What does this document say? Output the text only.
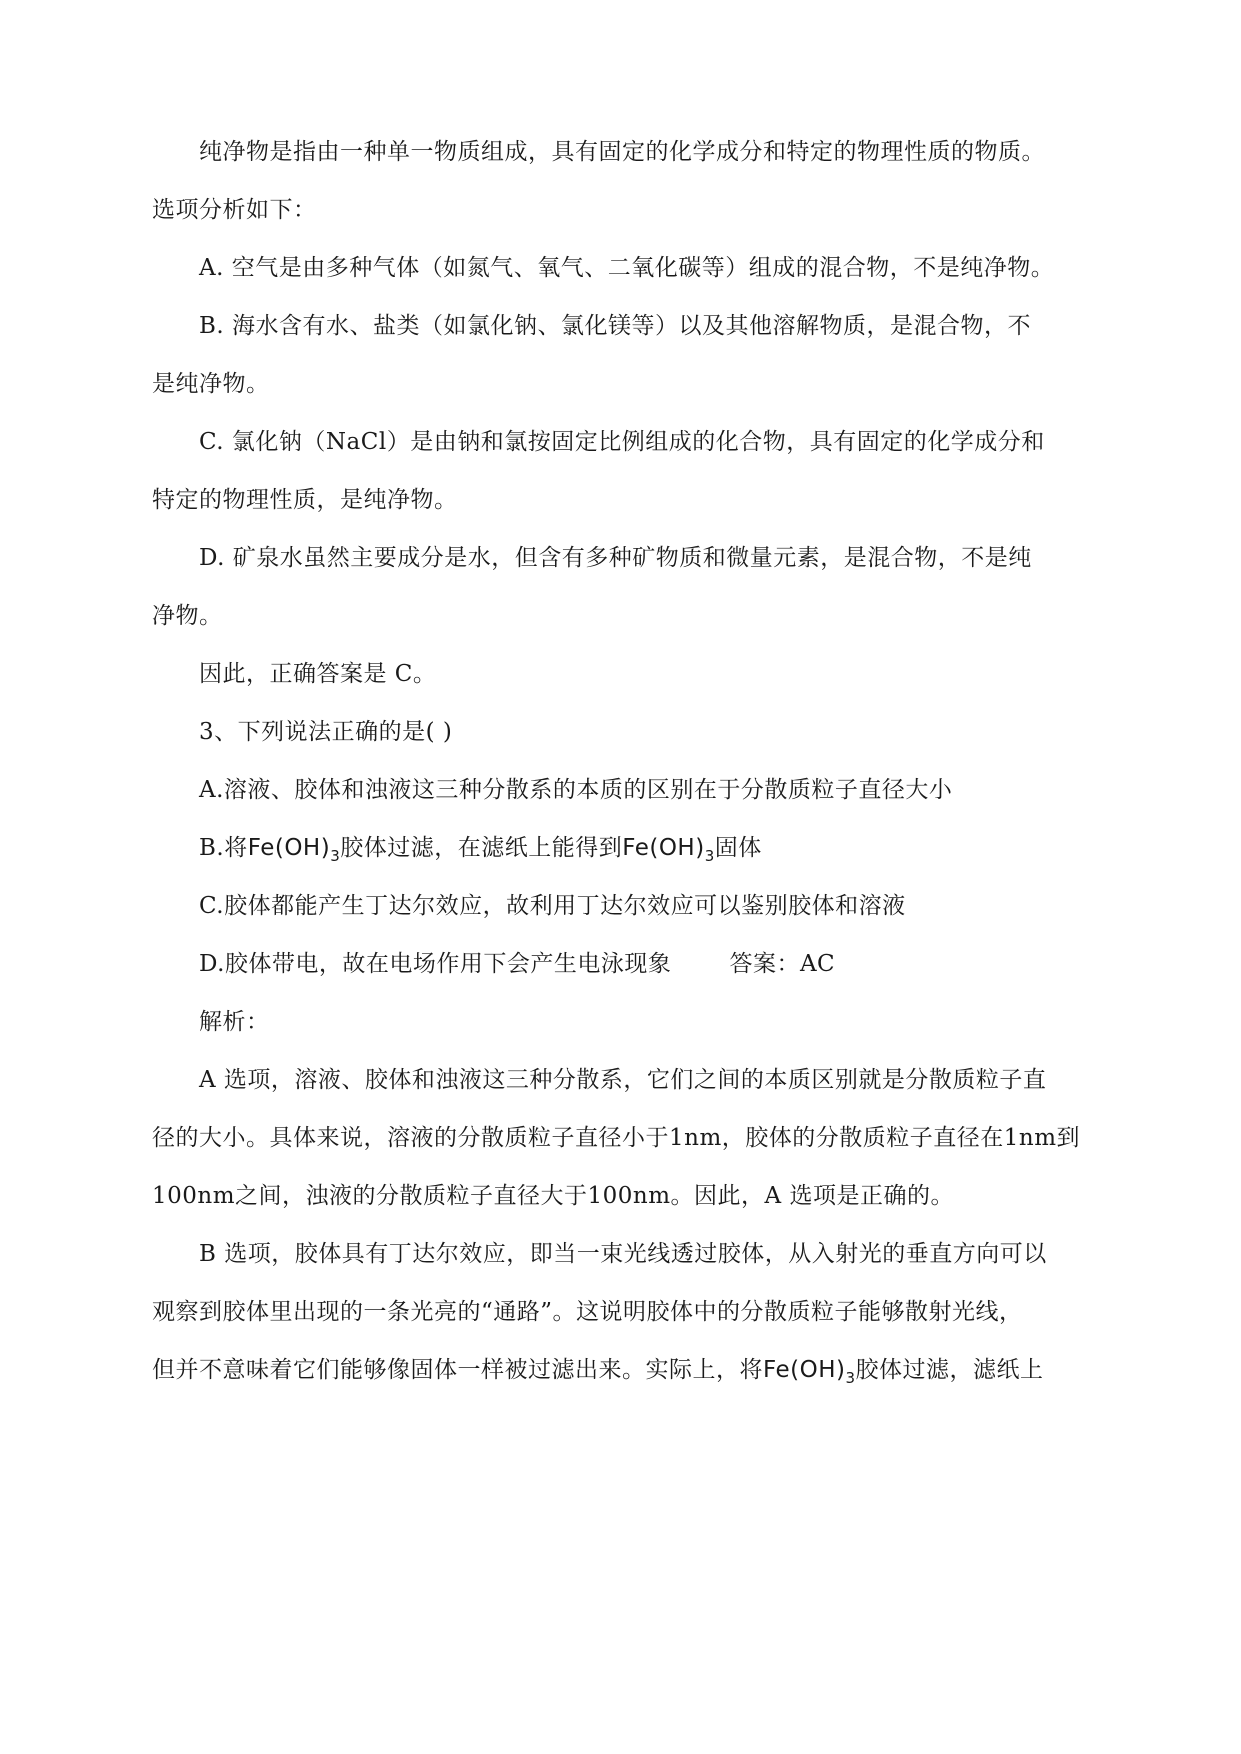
纯净物是指由一种单一物质组成，具有固定的化学成分和特定的物理性质的物质。
选项分析如下：
A. 空气是由多种气体（如氮气、氧气、二氧化碳等）组成的混合物，不是纯净物。
B. 海水含有水、盐类（如氯化钠、氯化镁等）以及其他溶解物质，是混合物，不
是纯净物。
C. 氯化钠（NaCl）是由钠和氯按固定比例组成的化合物，具有固定的化学成分和
特定的物理性质，是纯净物。
D. 矿泉水虽然主要成分是水，但含有多种矿物质和微量元素，是混合物，不是纯
净物。
因此，正确答案是 C。
3、下列说法正确的是( )
A.溶液、胶体和浊液这三种分散系的本质的区别在于分散质粒子直径大小
B.将$Fe(OH)_3$胶体过滤，在滤纸上能得到$Fe(OH)_3$固体
C.胶体都能产生丁达尔效应，故利用丁达尔效应可以鉴别胶体和溶液
D.胶体带电，故在电场作用下会产生电泳现象	答案：AC
解析：
A 选项，溶液、胶体和浊液这三种分散系，它们之间的本质区别就是分散质粒子直
径的大小。具体来说，溶液的分散质粒子直径小于1nm，胶体的分散质粒子直径在1nm到
100nm之间，浊液的分散质粒子直径大于100nm。因此，A 选项是正确的。
B 选项，胶体具有丁达尔效应，即当一束光线透过胶体，从入射光的垂直方向可以
观察到胶体里出现的一条光亮的“通路”。这说明胶体中的分散质粒子能够散射光线，
但并不意味着它们能够像固体一样被过滤出来。实际上，将$Fe(OH)_3$胶体过滤，滤纸上
